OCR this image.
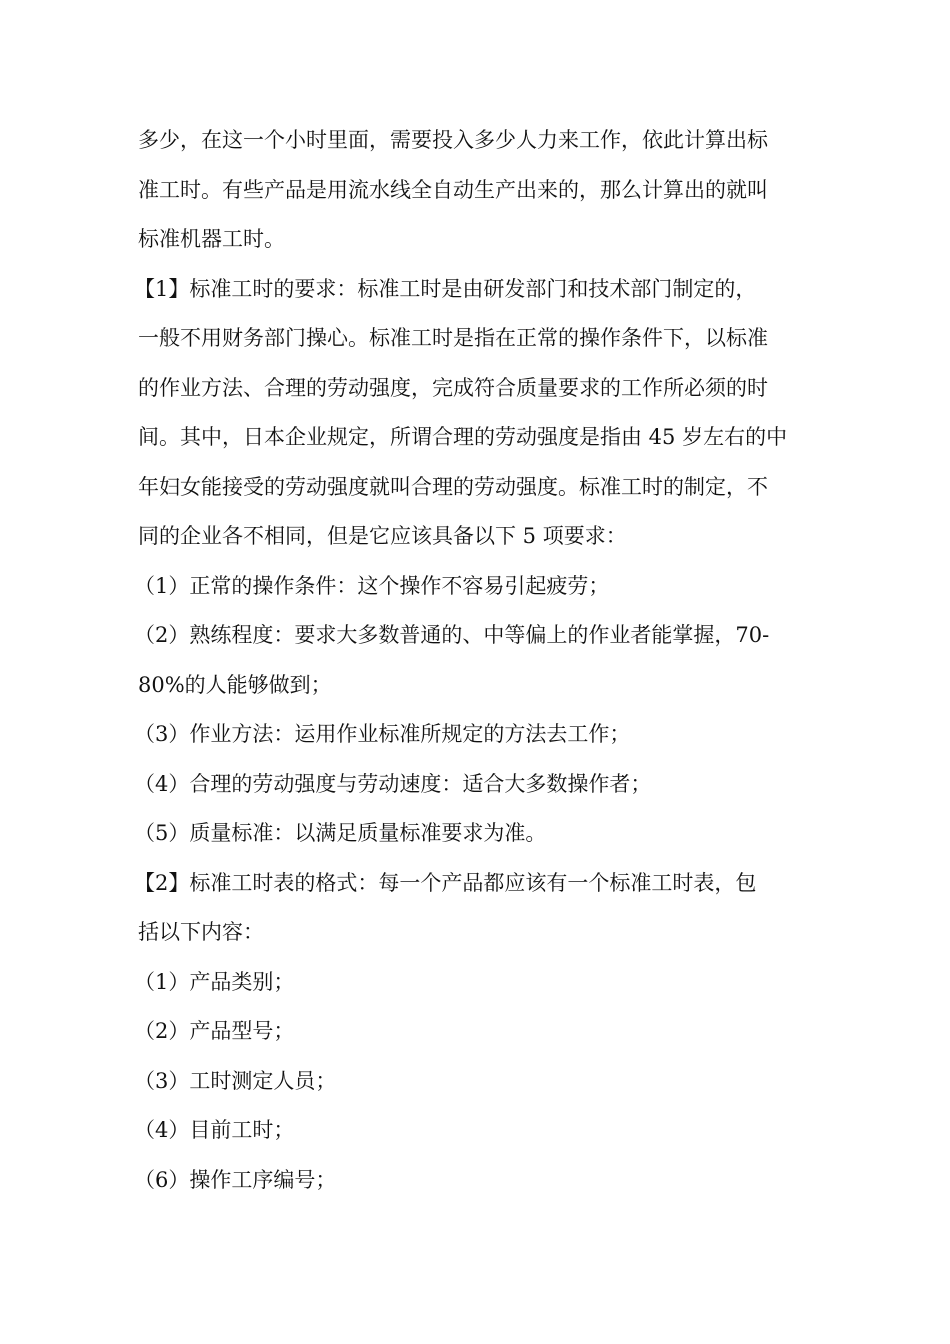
多少，在这一个小时里面，需要投入多少人力来工作，依此计算出标
准工时。有些产品是用流水线全自动生产出来的，那么计算出的就叫
标准机器工时。
【1】标准工时的要求：标准工时是由研发部门和技术部门制定的，
一般不用财务部门操心。标准工时是指在正常的操作条件下，以标准
的作业方法、合理的劳动强度，完成符合质量要求的工作所必须的时
间。其中，日本企业规定，所谓合理的劳动强度是指由 45 岁左右的中
年妇女能接受的劳动强度就叫合理的劳动强度。标准工时的制定，不
同的企业各不相同，但是它应该具备以下 5 项要求：
（1）正常的操作条件：这个操作不容易引起疲劳；
（2）熟练程度：要求大多数普通的、中等偏上的作业者能掌握，70-
80%的人能够做到；
（3）作业方法：运用作业标准所规定的方法去工作；
（4）合理的劳动强度与劳动速度：适合大多数操作者；
（5）质量标准：以满足质量标准要求为准。
【2】标准工时表的格式：每一个产品都应该有一个标准工时表，包
括以下内容：
（1）产品类别；
（2）产品型号；
（3）工时测定人员；
（4）目前工时；
（6）操作工序编号；
